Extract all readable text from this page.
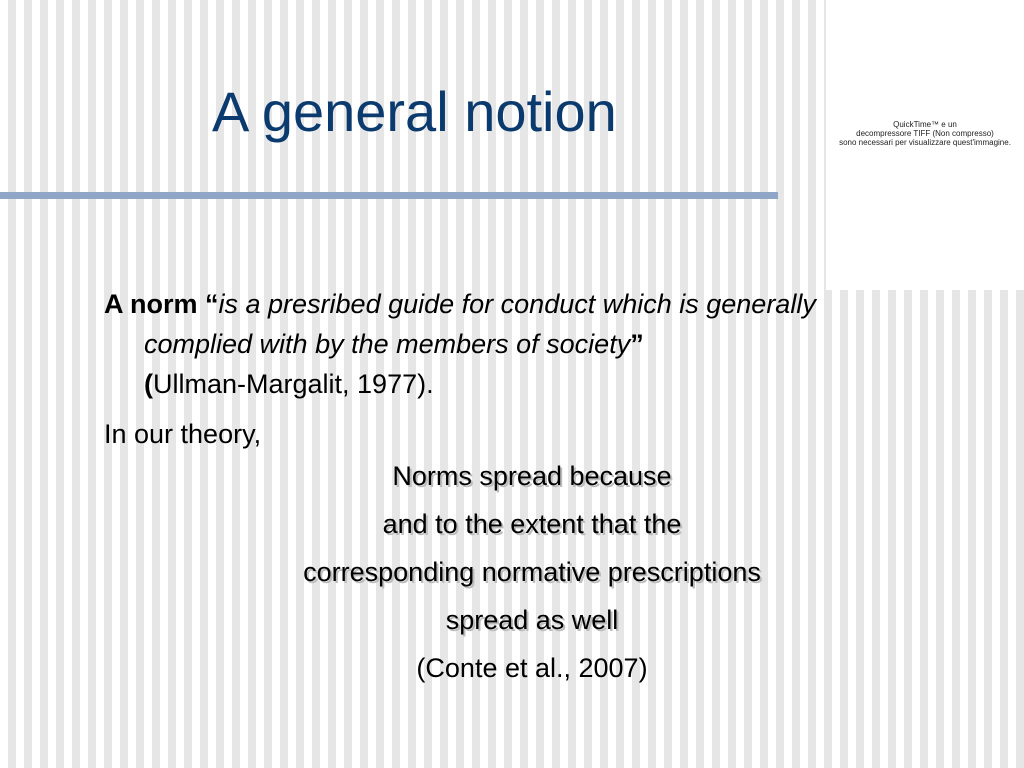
A general notion	QuickTime™ e un
decompressore TIFF (Non compresso)
sono necessari per visualizzare quest'immagine.

A norm “is a presribed guide for conduct which is generally complied with by the members of society”
(Ullman-Margalit, 1977).

In our theory,

Norms spread because
and to the extent that the
corresponding normative prescriptions
spread as well
(Conte et al., 2007)
